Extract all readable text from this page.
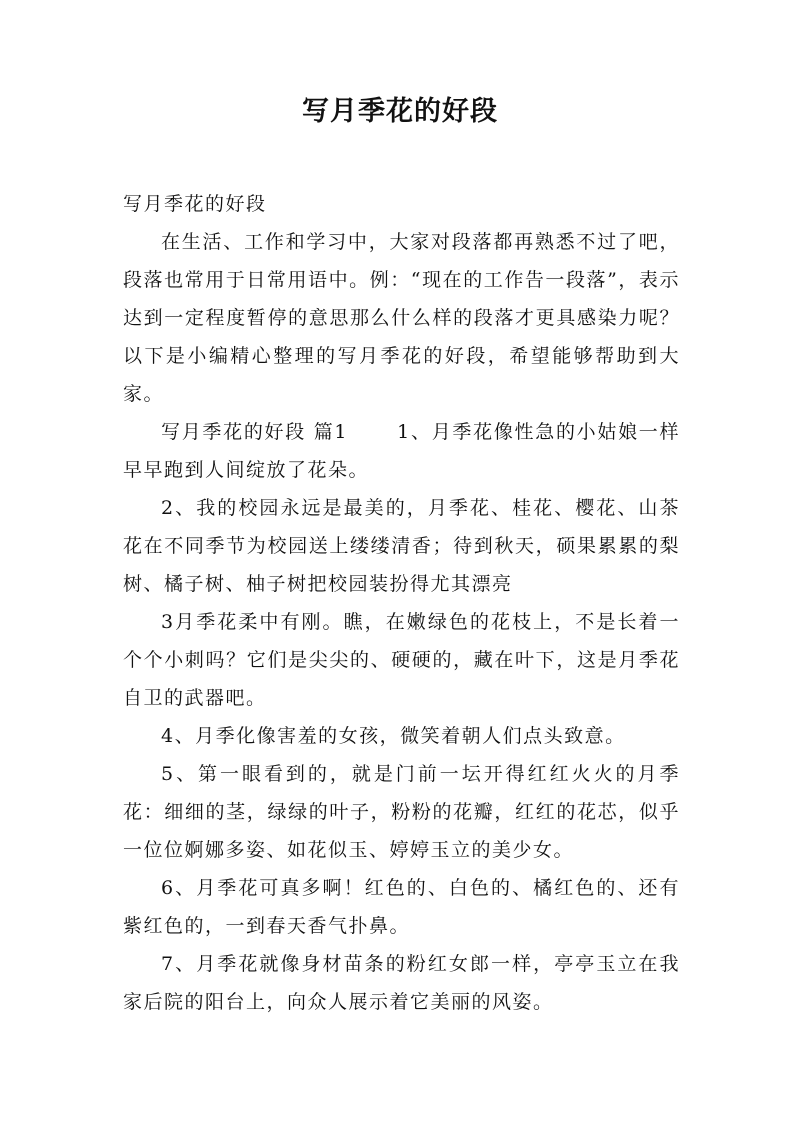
写月季花的好段

写月季花的好段

在生活、工作和学习中，大家对段落都再熟悉不过了吧，段落也常用于日常用语中。例：“现在的工作告一段落”，表示达到一定程度暂停的意思那么什么样的段落才更具感染力呢？以下是小编精心整理的写月季花的好段，希望能够帮助到大家。

写月季花的好段 篇1 　　1、月季花像性急的小姑娘一样早早跑到人间绽放了花朵。

2、我的校园永远是最美的，月季花、桂花、樱花、山茶花在不同季节为校园送上缕缕清香；待到秋天，硕果累累的梨树、橘子树、柚子树把校园装扮得尤其漂亮

3月季花柔中有刚。瞧，在嫩绿色的花枝上，不是长着一个个小刺吗？它们是尖尖的、硬硬的，藏在叶下，这是月季花自卫的武器吧。

4、月季化像害羞的女孩，微笑着朝人们点头致意。

5、第一眼看到的，就是门前一坛开得红红火火的月季花：细细的茎，绿绿的叶子，粉粉的花瓣，红红的花芯，似乎一位位婀娜多姿、如花似玉、婷婷玉立的美少女。

6、月季花可真多啊！红色的、白色的、橘红色的、还有紫红色的，一到春天香气扑鼻。

7、月季花就像身材苗条的粉红女郎一样，亭亭玉立在我家后院的阳台上，向众人展示着它美丽的风姿。
